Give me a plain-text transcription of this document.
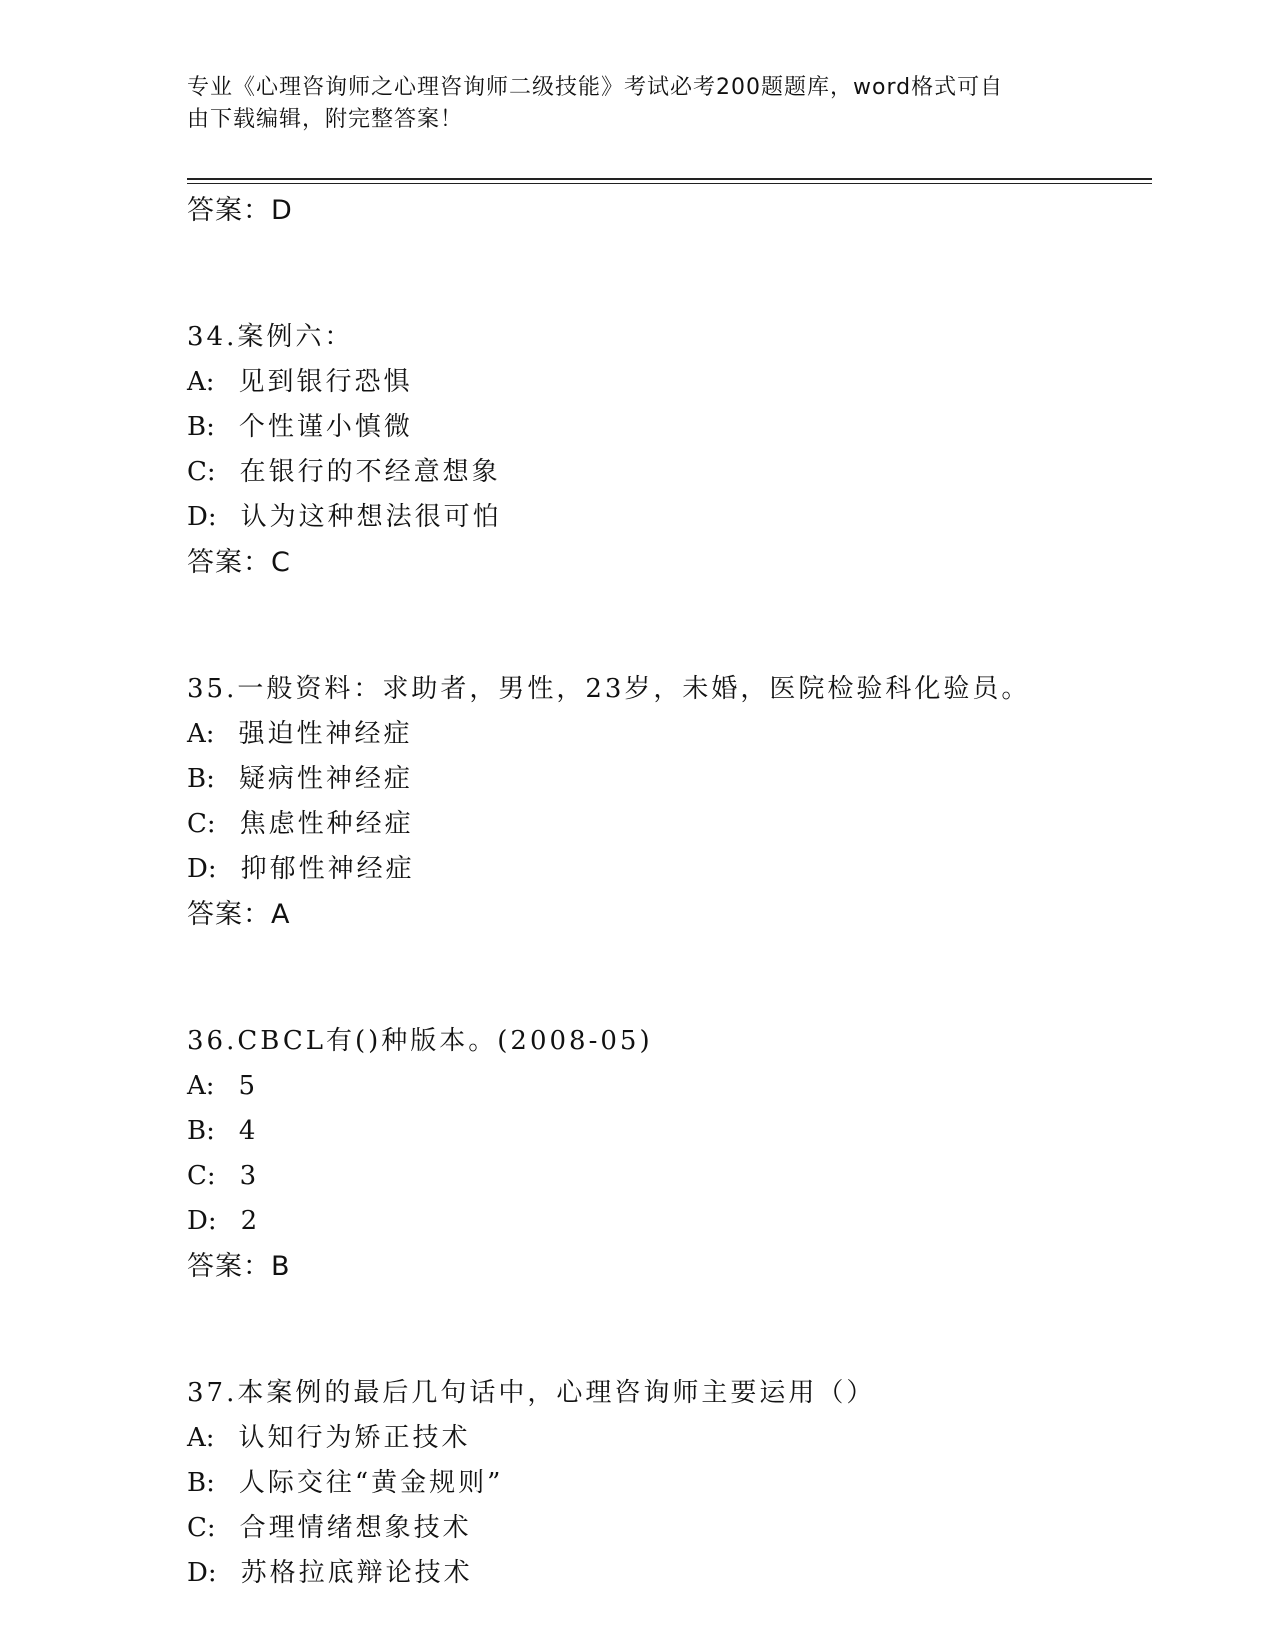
专业《心理咨询师之心理咨询师二级技能》考试必考200题题库，word格式可自
由下载编辑，附完整答案！
答案：D
34.案例六：
A: 见到银行恐惧
B: 个性谨小慎微
C: 在银行的不经意想象
D: 认为这种想法很可怕
答案：C
35.一般资料：求助者，男性，23岁，未婚，医院检验科化验员。
A: 强迫性神经症
B: 疑病性神经症
C: 焦虑性种经症
D: 抑郁性神经症
答案：A
36.CBCL有()种版本。(2008-05)
A: 5
B: 4
C: 3
D: 2
答案：B
37.本案例的最后几句话中，心理咨询师主要运用（）
A: 认知行为矫正技术
B: 人际交往“黄金规则”
C: 合理情绪想象技术
D: 苏格拉底辩论技术
